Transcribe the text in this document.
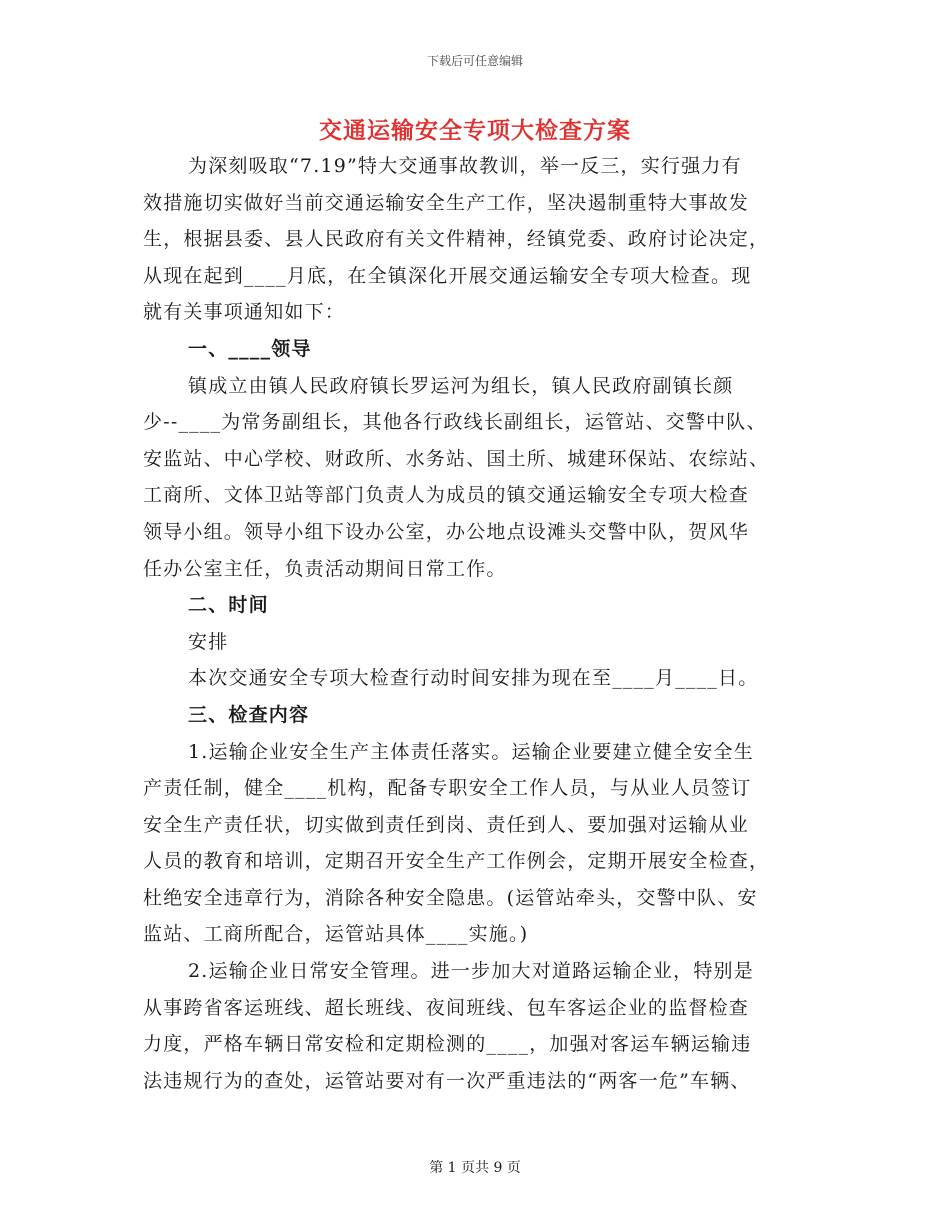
下载后可任意编辑
交通运输安全专项大检查方案
为深刻吸取“7.19”特大交通事故教训，举一反三，实行强力有
效措施切实做好当前交通运输安全生产工作，坚决遏制重特大事故发
生，根据县委、县人民政府有关文件精神，经镇党委、政府讨论决定，
从现在起到____月底，在全镇深化开展交通运输安全专项大检查。现
就有关事项通知如下：
一、____领导
镇成立由镇人民政府镇长罗运河为组长，镇人民政府副镇长颜
少--____为常务副组长，其他各行政线长副组长，运管站、交警中队、
安监站、中心学校、财政所、水务站、国土所、城建环保站、农综站、
工商所、文体卫站等部门负责人为成员的镇交通运输安全专项大检查
领导小组。领导小组下设办公室，办公地点设滩头交警中队，贺风华
任办公室主任，负责活动期间日常工作。
二、时间
安排
本次交通安全专项大检查行动时间安排为现在至____月____日。
三、检查内容
1.运输企业安全生产主体责任落实。运输企业要建立健全安全生
产责任制，健全____机构，配备专职安全工作人员，与从业人员签订
安全生产责任状，切实做到责任到岗、责任到人、要加强对运输从业
人员的教育和培训，定期召开安全生产工作例会，定期开展安全检查，
杜绝安全违章行为，消除各种安全隐患。(运管站牵头，交警中队、安
监站、工商所配合，运管站具体____实施。)
2.运输企业日常安全管理。进一步加大对道路运输企业，特别是
从事跨省客运班线、超长班线、夜间班线、包车客运企业的监督检查
力度，严格车辆日常安检和定期检测的____，加强对客运车辆运输违
法违规行为的查处，运管站要对有一次严重违法的“两客一危”车辆、
第 1 页共 9 页
